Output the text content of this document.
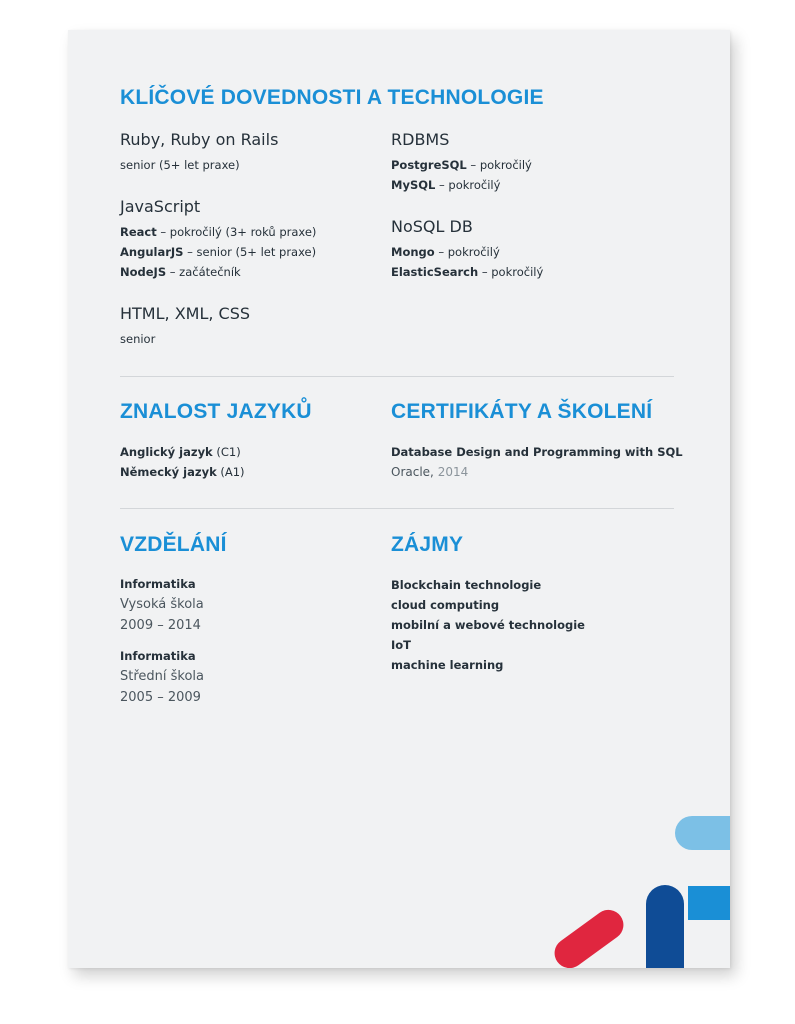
KLÍČOVÉ DOVEDNOSTI A TECHNOLOGIE
Ruby, Ruby on Rails
senior (5+ let praxe)
JavaScript
React – pokročilý (3+ roků praxe)
AngularJS – senior (5+ let praxe)
NodeJS – začátečník
HTML, XML, CSS
senior
RDBMS
PostgreSQL – pokročilý
MySQL – pokročilý
NoSQL DB
Mongo – pokročilý
ElasticSearch – pokročilý
ZNALOST JAZYKŮ
Anglický jazyk (C1)
Německý jazyk (A1)
CERTIFIKÁTY A ŠKOLENÍ
Database Design and Programming with SQL
Oracle, 2014
VZDĚLÁNÍ
Informatika
Vysoká škola
2009 – 2014
Informatika
Střední škola
2005 – 2009
ZÁJMY
Blockchain technologie
cloud computing
mobilní a webové technologie
IoT
machine learning
